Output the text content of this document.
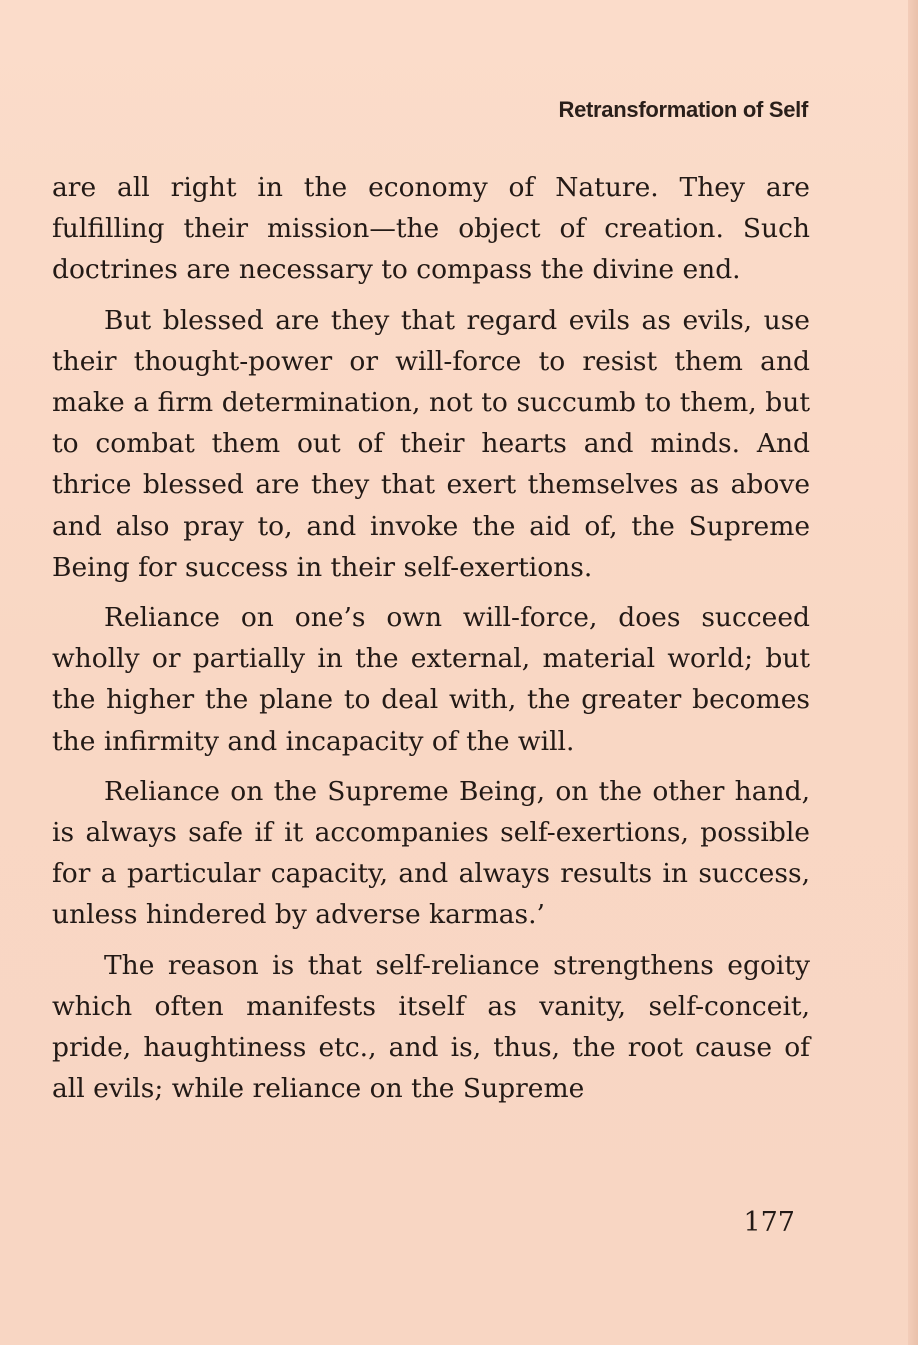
Retransformation of Self

are all right in the economy of Nature. They are fulfilling their mission—the object of creation. Such doctrines are necessary to compass the divine end.

But blessed are they that regard evils as evils, use their thought-power or will-force to resist them and make a firm determination, not to succumb to them, but to combat them out of their hearts and minds. And thrice blessed are they that exert themselves as above and also pray to, and invoke the aid of, the Supreme Being for success in their self-exertions.

Reliance on one’s own will-force, does succeed wholly or partially in the external, material world; but the higher the plane to deal with, the greater becomes the infirmity and incapacity of the will.

Reliance on the Supreme Being, on the other hand, is always safe if it accompanies self-exertions, possible for a particular capacity, and always results in success, unless hindered by adverse karmas.’

The reason is that self-reliance strengthens egoity which often manifests itself as vanity, self-conceit, pride, haughtiness etc., and is, thus, the root cause of all evils; while reliance on the Supreme

177
